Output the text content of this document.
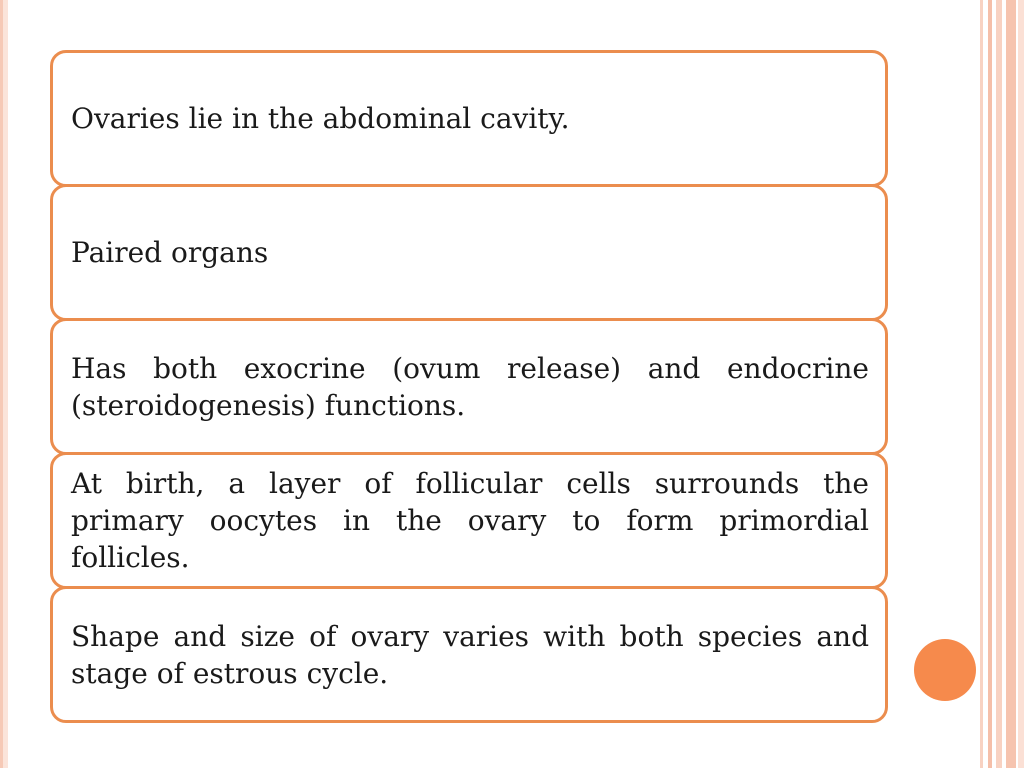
Ovaries lie in the abdominal cavity.

Paired organs

Has both exocrine (ovum release) and endocrine (steroidogenesis) functions.

At birth, a layer of follicular cells surrounds the primary oocytes in the ovary to form primordial follicles.

Shape and size of ovary varies with both species and stage of estrous cycle.
